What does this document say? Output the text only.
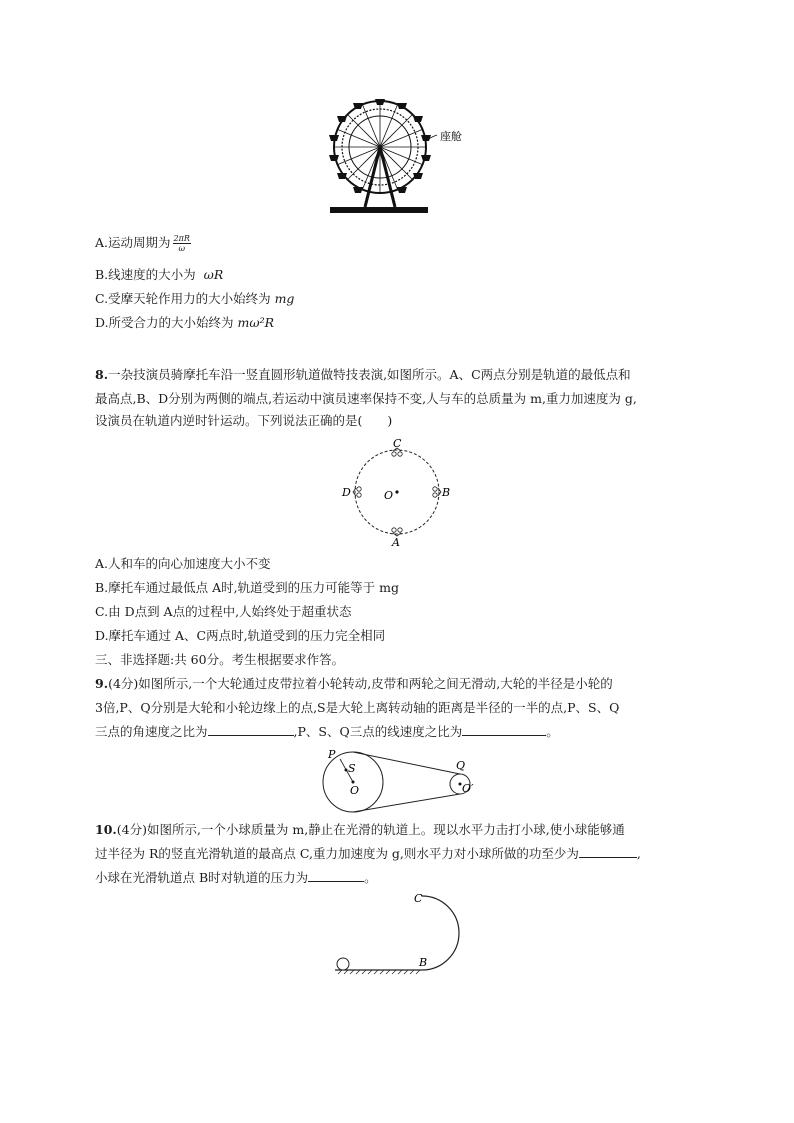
座舱
A.运动周期为 $\frac{2\pi R}{\omega}$
B.线速度的大小为 ωR
C.受摩天轮作用力的大小始终为 mg
D.所受合力的大小始终为 mω²R
8.一杂技演员骑摩托车沿一竖直圆形轨道做特技表演,如图所示。A、C两点分别是轨道的最低点和
最高点,B、D分别为两侧的端点,若运动中演员速率保持不变,人与车的总质量为 m,重力加速度为 g,
设演员在轨道内逆时针运动。下列说法正确的是(　　)
C
D	O	B
A
A.人和车的向心加速度大小不变
B.摩托车通过最低点 A时,轨道受到的压力可能等于 mg
C.由 D点到 A点的过程中,人始终处于超重状态
D.摩托车通过 A、C两点时,轨道受到的压力完全相同
三、非选择题:共 60分。考生根据要求作答。
9.(4分)如图所示,一个大轮通过皮带拉着小轮转动,皮带和两轮之间无滑动,大轮的半径是小轮的
3倍,P、Q分别是大轮和小轮边缘上的点,S是大轮上离转动轴的距离是半径的一半的点,P、S、Q
三点的角速度之比为	,P、S、Q三点的线速度之比为	。
P
S
O
Q
O′
10.(4分)如图所示,一个小球质量为 m,静止在光滑的轨道上。现以水平力击打小球,使小球能够通
过半径为 R的竖直光滑轨道的最高点 C,重力加速度为 g,则水平力对小球所做的功至少为	,
小球在光滑轨道点 B时对轨道的压力为	。
C
B
